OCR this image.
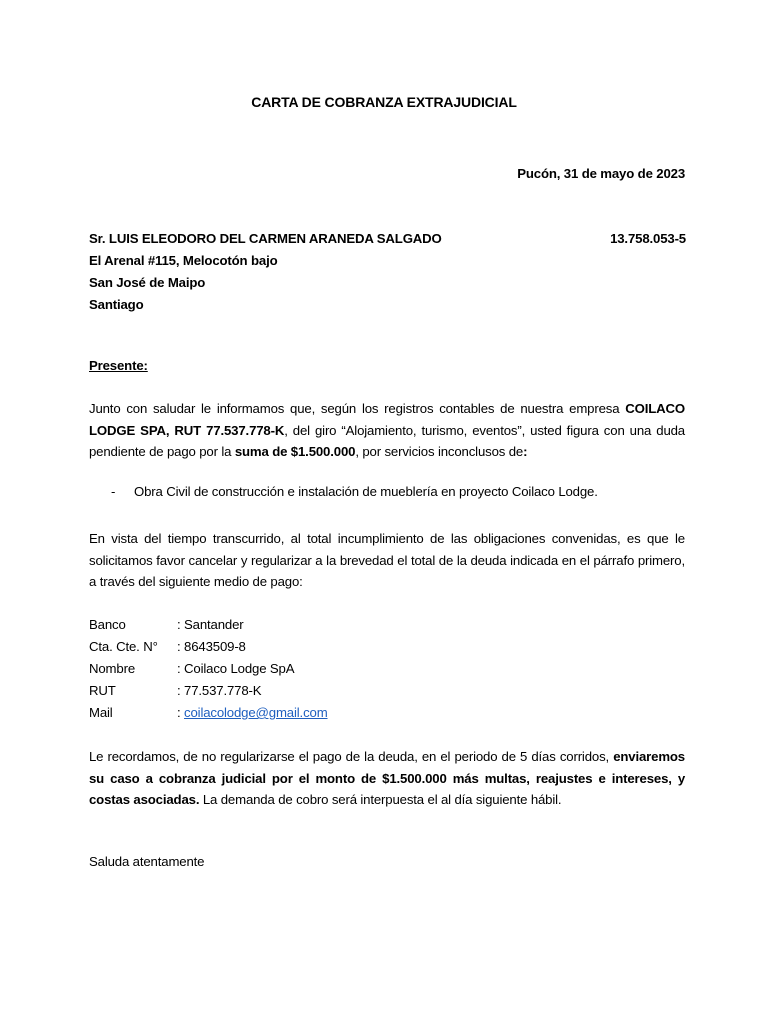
CARTA DE COBRANZA EXTRAJUDICIAL
Pucón, 31 de mayo de 2023
Sr. LUIS ELEODORO DEL CARMEN ARANEDA SALGADO	13.758.053-5
El Arenal #115, Melocotón bajo
San José de Maipo
Santiago
Presente:
Junto con saludar le informamos que, según los registros contables de nuestra empresa COILACO LODGE SPA, RUT 77.537.778-K, del giro “Alojamiento, turismo, eventos”, usted figura con una duda pendiente de pago por la suma de $1.500.000, por servicios inconclusos de:
- Obra Civil de construcción e instalación de mueblería en proyecto Coilaco Lodge.
En vista del tiempo transcurrido, al total incumplimiento de las obligaciones convenidas, es que le solicitamos favor cancelar y regularizar a la brevedad el total de la deuda indicada en el párrafo primero, a través del siguiente medio de pago:
Banco	: Santander
Cta. Cte. N° : 8643509-8
Nombre	: Coilaco Lodge SpA
RUT	: 77.537.778-K
Mail	: coilacolodge@gmail.com
Le recordamos, de no regularizarse el pago de la deuda, en el periodo de 5 días corridos, enviaremos su caso a cobranza judicial por el monto de $1.500.000 más multas, reajustes e intereses, y costas asociadas. La demanda de cobro será interpuesta el al día siguiente hábil.
Saluda atentamente
